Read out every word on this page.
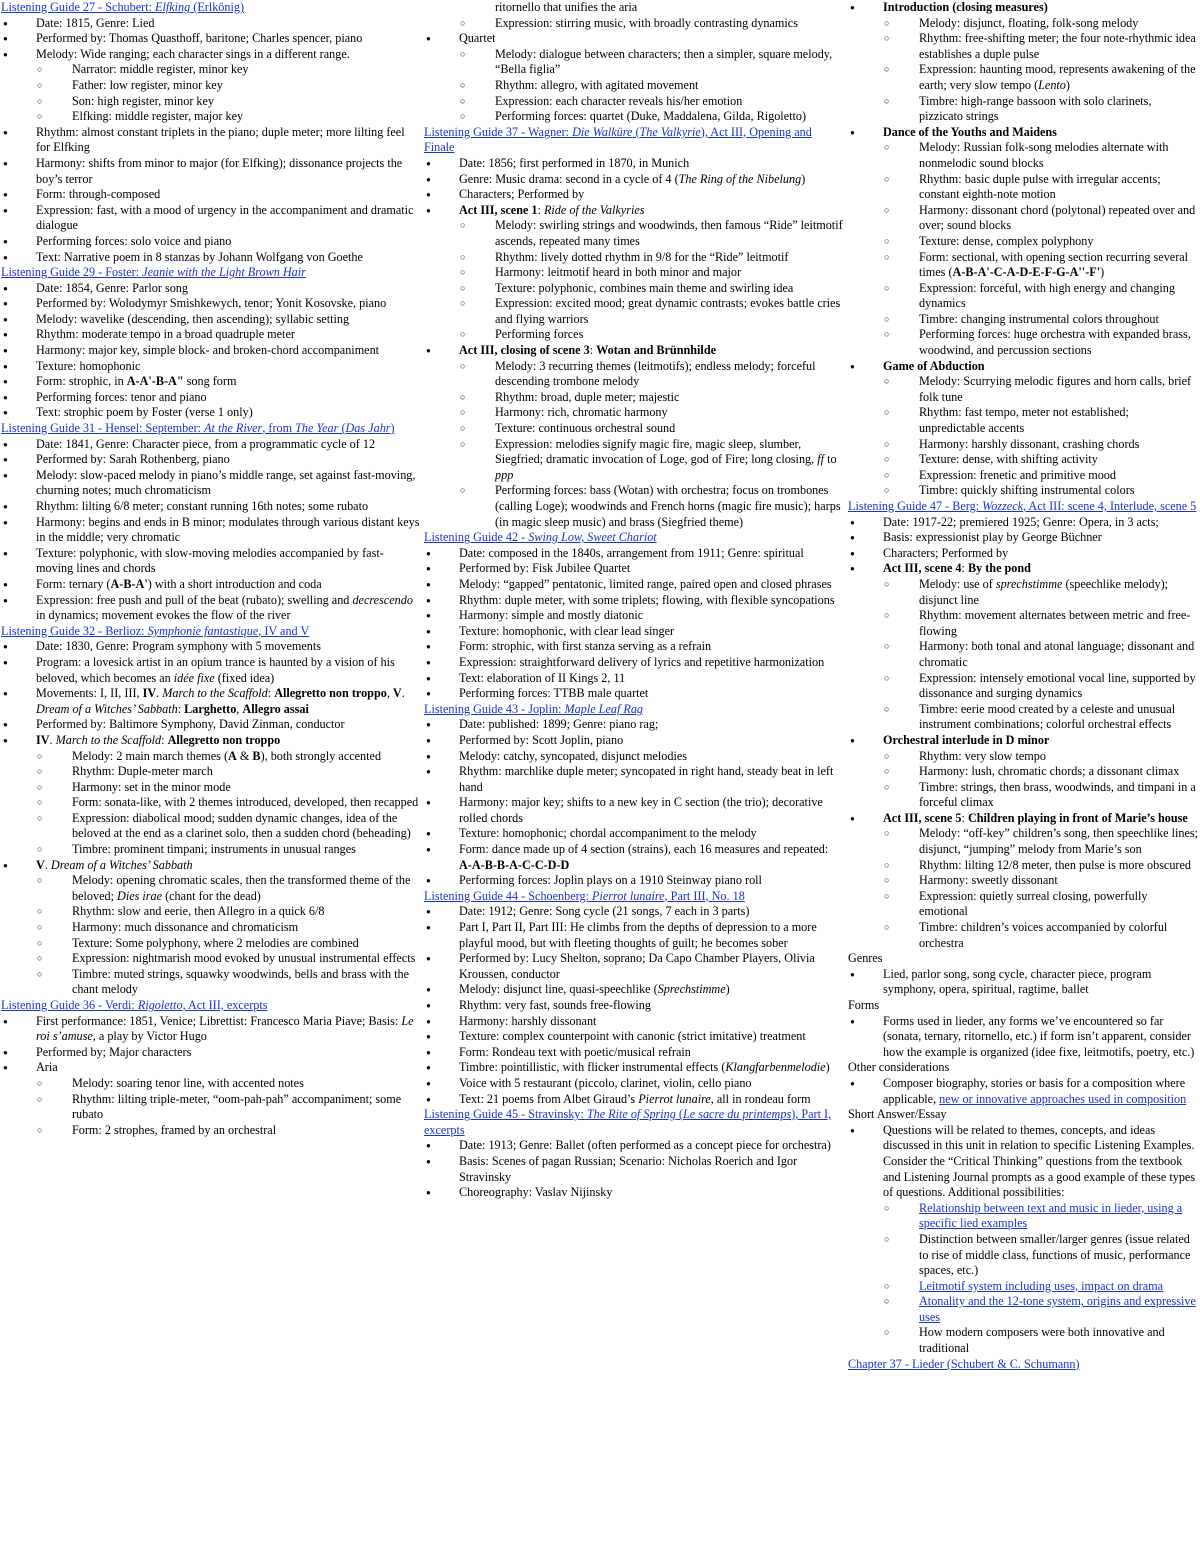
Listening Guide 27 - Schubert: Elfking (Erlkönig)
● Date: 1815, Genre: Lied
● Performed by: Thomas Quasthoff, baritone; Charles spencer, piano
● Melody: Wide ranging; each character sings in a different range.
○ Narrator: middle register, minor key
○ Father: low register, minor key
○ Son: high register, minor key
○ Elfking: middle register, major key
● Rhythm: almost constant triplets in the piano; duple meter; more lilting feel for Elfking
● Harmony: shifts from minor to major (for Elfking); dissonance projects the boy’s terror
● Form: through-composed
● Expression: fast, with a mood of urgency in the accompaniment and dramatic dialogue
● Performing forces: solo voice and piano
● Text: Narrative poem in 8 stanzas by Johann Wolfgang von Goethe
Listening Guide 29 - Foster: Jeanie with the Light Brown Hair
● Date: 1854, Genre: Parlor song
● Performed by: Wolodymyr Smishkewych, tenor; Yonit Kosovske, piano
● Melody: wavelike (descending, then ascending); syllabic setting
● Rhythm: moderate tempo in a broad quadruple meter
● Harmony: major key, simple block- and broken-chord accompaniment
● Texture: homophonic
● Form: strophic, in A-A'-B-A" song form
● Performing forces: tenor and piano
● Text: strophic poem by Foster (verse 1 only)
Listening Guide 31 - Hensel: September: At the River, from The Year (Das Jahr)
● Date: 1841, Genre: Character piece, from a programmatic cycle of 12
● Performed by: Sarah Rothenberg, piano
● Melody: slow-paced melody in piano’s middle range, set against fast-moving, churning notes; much chromaticism
● Rhythm: lilting 6/8 meter; constant running 16th notes; some rubato
● Harmony: begins and ends in B minor; modulates through various distant keys in the middle; very chromatic
● Texture: polyphonic, with slow-moving melodies accompanied by fast-moving lines and chords
● Form: ternary (A-B-A') with a short introduction and coda
● Expression: free push and pull of the beat (rubato); swelling and decrescendo in dynamics; movement evokes the flow of the river
Listening Guide 32 - Berlioz: Symphonie fantastique, IV and V
● Date: 1830, Genre: Program symphony with 5 movements
● Program: a lovesick artist in an opium trance is haunted by a vision of his beloved, which becomes an idée fixe (fixed idea)
● Movements: I, II, III, IV. March to the Scaffold: Allegretto non troppo, V. Dream of a Witches’ Sabbath: Larghetto, Allegro assai
● Performed by: Baltimore Symphony, David Zinman, conductor
● IV. March to the Scaffold: Allegretto non troppo
○ Melody: 2 main march themes (A & B), both strongly accented
○ Rhythm: Duple-meter march
○ Harmony: set in the minor mode
○ Form: sonata-like, with 2 themes introduced, developed, then recapped
○ Expression: diabolical mood; sudden dynamic changes, idea of the beloved at the end as a clarinet solo, then a sudden chord (beheading)
○ Timbre: prominent timpani; instruments in unusual ranges
● V. Dream of a Witches’ Sabbath
○ Melody: opening chromatic scales, then the transformed theme of the beloved; Dies irae (chant for the dead)
○ Rhythm: slow and eerie, then Allegro in a quick 6/8
○ Harmony: much dissonance and chromaticism
○ Texture: Some polyphony, where 2 melodies are combined
○ Expression: nightmarish mood evoked by unusual instrumental effects
○ Timbre: muted strings, squawky woodwinds, bells and brass with the chant melody
Listening Guide 36 - Verdi: Rigoletto, Act III, excerpts
● First performance: 1851, Venice; Librettist: Francesco Maria Piave; Basis: Le roi s’amuse, a play by Victor Hugo
● Performed by; Major characters
● Aria
○ Melody: soaring tenor line, with accented notes
○ Rhythm: lilting triple-meter, “oom-pah-pah” accompaniment; some rubato
○ Form: 2 strophes, framed by an orchestral
ritornello that unifies the aria
○ Expression: stirring music, with broadly contrasting dynamics
● Quartet
○ Melody: dialogue between characters; then a simpler, square melody, “Bella figlia”
○ Rhythm: allegro, with agitated movement
○ Expression: each character reveals his/her emotion
○ Performing forces: quartet (Duke, Maddalena, Gilda, Rigoletto)
Listening Guide 37 - Wagner: Die Walküre (The Valkyrie), Act III, Opening and Finale
● Date: 1856; first performed in 1870, in Munich
● Genre: Music drama: second in a cycle of 4 (The Ring of the Nibelung)
● Characters; Performed by
● Act III, scene 1: Ride of the Valkyries
○ Melody: swirling strings and woodwinds, then famous “Ride” leitmotif ascends, repeated many times
○ Rhythm: lively dotted rhythm in 9/8 for the “Ride” leitmotif
○ Harmony: leitmotif heard in both minor and major
○ Texture: polyphonic, combines main theme and swirling idea
○ Expression: excited mood; great dynamic contrasts; evokes battle cries and flying warriors
○ Performing forces
● Act III, closing of scene 3: Wotan and Brünnhilde
○ Melody: 3 recurring themes (leitmotifs); endless melody; forceful descending trombone melody
○ Rhythm: broad, duple meter; majestic
○ Harmony: rich, chromatic harmony
○ Texture: continuous orchestral sound
○ Expression: melodies signify magic fire, magic sleep, slumber, Siegfried; dramatic invocation of Loge, god of Fire; long closing, ff to ppp
○ Performing forces: bass (Wotan) with orchestra; focus on trombones (calling Loge); woodwinds and French horns (magic fire music); harps (in magic sleep music) and brass (Siegfried theme)
Listening Guide 42 - Swing Low, Sweet Chariot
● Date: composed in the 1840s, arrangement from 1911; Genre: spiritual
● Performed by: Fisk Jubilee Quartet
● Melody: “gapped” pentatonic, limited range, paired open and closed phrases
● Rhythm: duple meter, with some triplets; flowing, with flexible syncopations
● Harmony: simple and mostly diatonic
● Texture: homophonic, with clear lead singer
● Form: strophic, with first stanza serving as a refrain
● Expression: straightforward delivery of lyrics and repetitive harmonization
● Text: elaboration of II Kings 2, 11
● Performing forces: TTBB male quartet
Listening Guide 43 - Joplin: Maple Leaf Rag
● Date: published: 1899; Genre: piano rag;
● Performed by: Scott Joplin, piano
● Melody: catchy, syncopated, disjunct melodies
● Rhythm: marchlike duple meter; syncopated in right hand, steady beat in left hand
● Harmony: major key; shifts to a new key in C section (the trio); decorative rolled chords
● Texture: homophonic; chordal accompaniment to the melody
● Form: dance made up of 4 section (strains), each 16 measures and repeated: A-A-B-B-A-C-C-D-D
● Performing forces: Joplin plays on a 1910 Steinway piano roll
Listening Guide 44 - Schoenberg: Pierrot lunaire, Part III, No. 18
● Date: 1912; Genre: Song cycle (21 songs, 7 each in 3 parts)
● Part I, Part II, Part III: He climbs from the depths of depression to a more playful mood, but with fleeting thoughts of guilt; he becomes sober
● Performed by: Lucy Shelton, soprano; Da Capo Chamber Players, Olivia Kroussen, conductor
● Melody: disjunct line, quasi-speechlike (Sprechstimme)
● Rhythm: very fast, sounds free-flowing
● Harmony: harshly dissonant
● Texture: complex counterpoint with canonic (strict imitative) treatment
● Form: Rondeau text with poetic/musical refrain
● Timbre: pointillistic, with flicker instrumental effects (Klangfarbenmelodie)
● Voice with 5 restaurant (piccolo, clarinet, violin, cello piano
● Text: 21 poems from Albet Giraud’s Pierrot lunaire, all in rondeau form
Listening Guide 45 - Stravinsky: The Rite of Spring (Le sacre du printemps), Part I, excerpts
● Date: 1913; Genre: Ballet (often performed as a concept piece for orchestra)
● Basis: Scenes of pagan Russian; Scenario: Nicholas Roerich and Igor Stravinsky
● Choreography: Vaslav Nijinsky
● Introduction (closing measures)
○ Melody: disjunct, floating, folk-song melody
○ Rhythm: free-shifting meter; the four note-rhythmic idea establishes a duple pulse
○ Expression: haunting mood, represents awakening of the earth; very slow tempo (Lento)
○ Timbre: high-range bassoon with solo clarinets, pizzicato strings
● Dance of the Youths and Maidens
○ Melody: Russian folk-song melodies alternate with nonmelodic sound blocks
○ Rhythm: basic duple pulse with irregular accents; constant eighth-note motion
○ Harmony: dissonant chord (polytonal) repeated over and over; sound blocks
○ Texture: dense, complex polyphony
○ Form: sectional, with opening section recurring several times (A-B-A'-C-A-D-E-F-G-A''-F')
○ Expression: forceful, with high energy and changing dynamics
○ Timbre: changing instrumental colors throughout
○ Performing forces: huge orchestra with expanded brass, woodwind, and percussion sections
● Game of Abduction
○ Melody: Scurrying melodic figures and horn calls, brief folk tune
○ Rhythm: fast tempo, meter not established; unpredictable accents
○ Harmony: harshly dissonant, crashing chords
○ Texture: dense, with shifting activity
○ Expression: frenetic and primitive mood
○ Timbre: quickly shifting instrumental colors
Listening Guide 47 - Berg: Wozzeck, Act III: scene 4, Interlude, scene 5
● Date: 1917-22; premiered 1925; Genre: Opera, in 3 acts;
● Basis: expressionist play by George Büchner
● Characters; Performed by
● Act III, scene 4: By the pond
○ Melody: use of sprechstimme (speechlike melody); disjunct line
○ Rhythm: movement alternates between metric and free-flowing
○ Harmony: both tonal and atonal language; dissonant and chromatic
○ Expression: intensely emotional vocal line, supported by dissonance and surging dynamics
○ Timbre: eerie mood created by a celeste and unusual instrument combinations; colorful orchestral effects
● Orchestral interlude in D minor
○ Rhythm: very slow tempo
○ Harmony: lush, chromatic chords; a dissonant climax
○ Timbre: strings, then brass, woodwinds, and timpani in a forceful climax
● Act III, scene 5: Children playing in front of Marie’s house
○ Melody: “off-key” children’s song, then speechlike lines; disjunct, “jumping” melody from Marie’s son
○ Rhythm: lilting 12/8 meter, then pulse is more obscured
○ Harmony: sweetly dissonant
○ Expression: quietly surreal closing, powerfully emotional
○ Timbre: children’s voices accompanied by colorful orchestra
Genres
● Lied, parlor song, song cycle, character piece, program symphony, opera, spiritual, ragtime, ballet
Forms
● Forms used in lieder, any forms we’ve encountered so far (sonata, ternary, ritornello, etc.) if form isn’t apparent, consider how the example is organized (idee fixe, leitmotifs, poetry, etc.)
Other considerations
● Composer biography, stories or basis for a composition where applicable, new or innovative approaches used in composition
Short Answer/Essay
● Questions will be related to themes, concepts, and ideas discussed in this unit in relation to specific Listening Examples. Consider the “Critical Thinking” questions from the textbook and Listening Journal prompts as a good example of these types of questions. Additional possibilities:
○ Relationship between text and music in lieder, using a specific lied examples
○ Distinction between smaller/larger genres (issue related to rise of middle class, functions of music, performance spaces, etc.)
○ Leitmotif system including uses, impact on drama
○ Atonality and the 12-tone system, origins and expressive uses
○ How modern composers were both innovative and traditional
Chapter 37 - Lieder (Schubert & C. Schumann)
